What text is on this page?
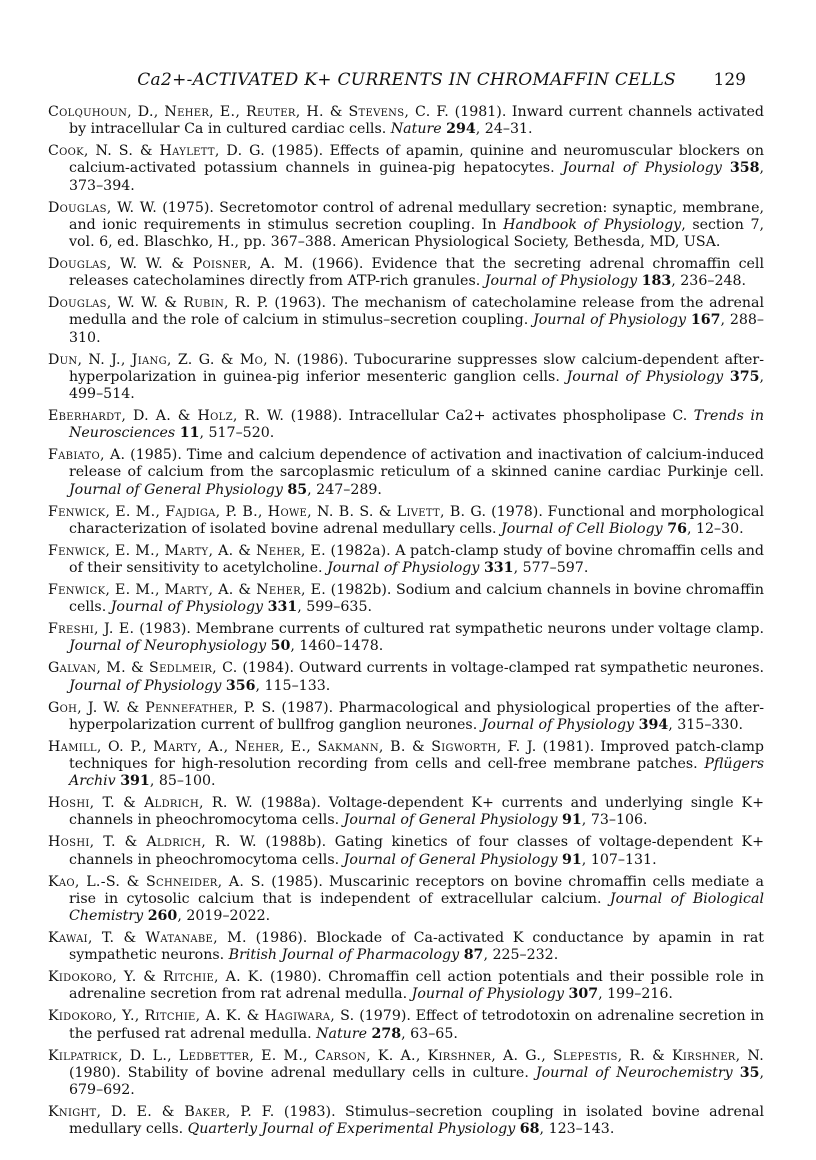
Ca2+-ACTIVATED K+ CURRENTS IN CHROMAFFIN CELLS 129

Colquhoun, D., Neher, E., Reuter, H. & Stevens, C. F. (1981). Inward current channels activated by intracellular Ca in cultured cardiac cells. Nature 294, 24–31.

Cook, N. S. & Haylett, D. G. (1985). Effects of apamin, quinine and neuromuscular blockers on calcium-activated potassium channels in guinea-pig hepatocytes. Journal of Physiology 358, 373–394.

Douglas, W. W. (1975). Secretomotor control of adrenal medullary secretion: synaptic, membrane, and ionic requirements in stimulus secretion coupling. In Handbook of Physiology, section 7, vol. 6, ed. Blaschko, H., pp. 367–388. American Physiological Society, Bethesda, MD, USA.

Douglas, W. W. & Poisner, A. M. (1966). Evidence that the secreting adrenal chromaffin cell releases catecholamines directly from ATP-rich granules. Journal of Physiology 183, 236–248.

Douglas, W. W. & Rubin, R. P. (1963). The mechanism of catecholamine release from the adrenal medulla and the role of calcium in stimulus–secretion coupling. Journal of Physiology 167, 288–310.

Dun, N. J., Jiang, Z. G. & Mo, N. (1986). Tubocurarine suppresses slow calcium-dependent after-hyperpolarization in guinea-pig inferior mesenteric ganglion cells. Journal of Physiology 375, 499–514.

Eberhardt, D. A. & Holz, R. W. (1988). Intracellular Ca2+ activates phospholipase C. Trends in Neurosciences 11, 517–520.

Fabiato, A. (1985). Time and calcium dependence of activation and inactivation of calcium-induced release of calcium from the sarcoplasmic reticulum of a skinned canine cardiac Purkinje cell. Journal of General Physiology 85, 247–289.

Fenwick, E. M., Fajdiga, P. B., Howe, N. B. S. & Livett, B. G. (1978). Functional and morphological characterization of isolated bovine adrenal medullary cells. Journal of Cell Biology 76, 12–30.

Fenwick, E. M., Marty, A. & Neher, E. (1982a). A patch-clamp study of bovine chromaffin cells and of their sensitivity to acetylcholine. Journal of Physiology 331, 577–597.

Fenwick, E. M., Marty, A. & Neher, E. (1982b). Sodium and calcium channels in bovine chromaffin cells. Journal of Physiology 331, 599–635.

Freshi, J. E. (1983). Membrane currents of cultured rat sympathetic neurons under voltage clamp. Journal of Neurophysiology 50, 1460–1478.

Galvan, M. & Sedlmeir, C. (1984). Outward currents in voltage-clamped rat sympathetic neurones. Journal of Physiology 356, 115–133.

Goh, J. W. & Pennefather, P. S. (1987). Pharmacological and physiological properties of the after-hyperpolarization current of bullfrog ganglion neurones. Journal of Physiology 394, 315–330.

Hamill, O. P., Marty, A., Neher, E., Sakmann, B. & Sigworth, F. J. (1981). Improved patch-clamp techniques for high-resolution recording from cells and cell-free membrane patches. Pflügers Archiv 391, 85–100.

Hoshi, T. & Aldrich, R. W. (1988a). Voltage-dependent K+ currents and underlying single K+ channels in pheochromocytoma cells. Journal of General Physiology 91, 73–106.

Hoshi, T. & Aldrich, R. W. (1988b). Gating kinetics of four classes of voltage-dependent K+ channels in pheochromocytoma cells. Journal of General Physiology 91, 107–131.

Kao, L.-S. & Schneider, A. S. (1985). Muscarinic receptors on bovine chromaffin cells mediate a rise in cytosolic calcium that is independent of extracellular calcium. Journal of Biological Chemistry 260, 2019–2022.

Kawai, T. & Watanabe, M. (1986). Blockade of Ca-activated K conductance by apamin in rat sympathetic neurons. British Journal of Pharmacology 87, 225–232.

Kidokoro, Y. & Ritchie, A. K. (1980). Chromaffin cell action potentials and their possible role in adrenaline secretion from rat adrenal medulla. Journal of Physiology 307, 199–216.

Kidokoro, Y., Ritchie, A. K. & Hagiwara, S. (1979). Effect of tetrodotoxin on adrenaline secretion in the perfused rat adrenal medulla. Nature 278, 63–65.

Kilpatrick, D. L., Ledbetter, E. M., Carson, K. A., Kirshner, A. G., Slepestis, R. & Kirshner, N. (1980). Stability of bovine adrenal medullary cells in culture. Journal of Neurochemistry 35, 679–692.

Knight, D. E. & Baker, P. F. (1983). Stimulus–secretion coupling in isolated bovine adrenal medullary cells. Quarterly Journal of Experimental Physiology 68, 123–143.
